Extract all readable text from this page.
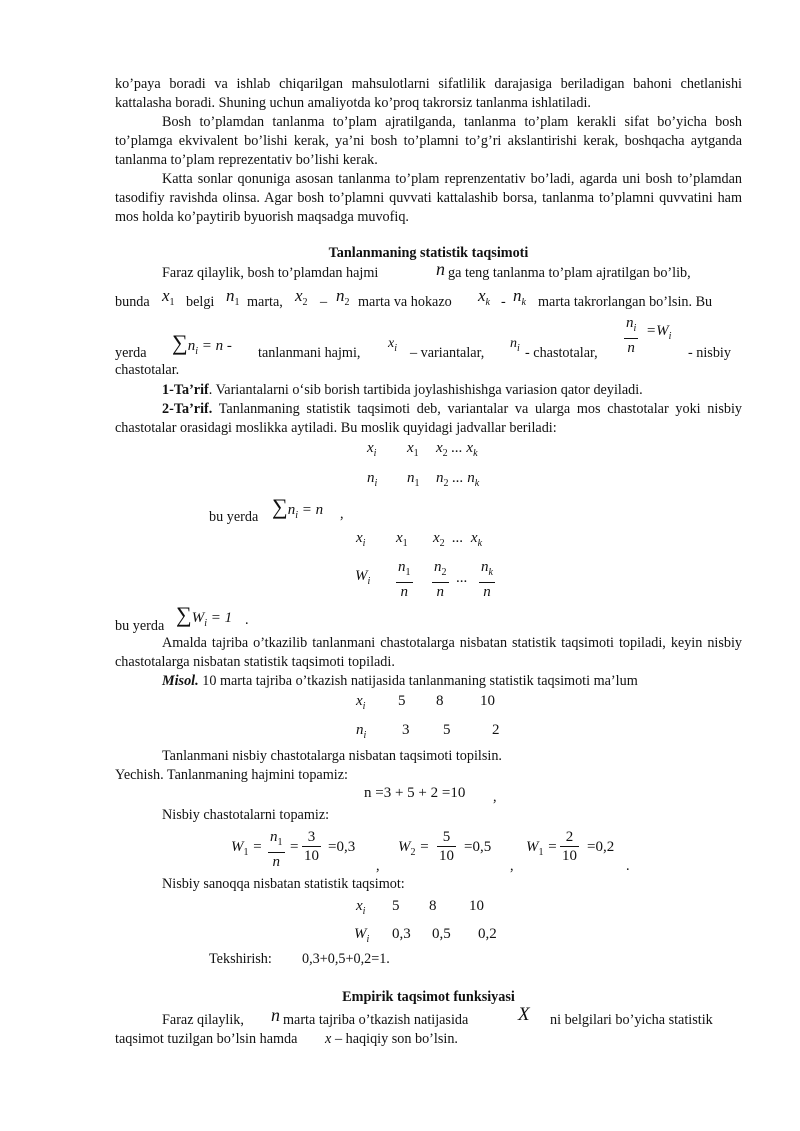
ko’paya boradi va ishlab chiqarilgan mahsulotlarni sifatlilik darajasiga beriladigan bahoni chetlanishi kattalasha boradi. Shuning uchun amaliyotda ko’proq takrorsiz tanlanma ishlatiladi.
Bosh to’plamdan tanlanma to’plam ajratilganda, tanlanma to’plam kerakli sifat bo’yicha bosh to’plamga ekvivalent bo’lishi kerak, ya’ni bosh to’plamni to’g’ri akslantirishi kerak, boshqacha aytganda tanlanma to’plam reprezentativ bo’lishi kerak.
Katta sonlar qonuniga asosan tanlanma to’plam reprenzentativ bo’ladi, agarda uni bosh to’plamdan tasodifiy ravishda olinsa. Agar bosh to’plamni quvvati kattalashib borsa, tanlanma to’plamni quvvatini ham mos holda ko’paytirib byuorish maqsadga muvofiq.
Tanlanmaning statistik taqsimoti
Faraz qilaylik, bosh to’plamdan hajmi	n ga teng tanlanma to’plam ajratilgan bo’lib,
bunda $x_1$ belgi $n_1$ marta, $x_2 - n_2$ marta va hokazo $x_k - n_k$ marta takrorlangan bo’lsin. Bu
yerda $\sum n_i = n$ - tanlanmani hajmi,
$x_i$ – variantalar,
$n_i$ - chastotalar, $\frac{n_i}{n} =W_i$
- nisbiy
chastotalar.
1-Ta’rif. Variantalarni o‘sib borish tartibida joylashishishga variasion qator deyiladi.
2-Ta’rif. Tanlanmaning statistik taqsimoti deb, variantalar va ularga mos chastotalar yoki nisbiy chastotalar orasidagi moslikka aytiladi. Bu moslik quyidagi jadvallar beriladi:
$x_i$ $x_1$ $x_2$ ... $x_k$
$n_i$ $n_1$ $n_2$ ... $n_k$
bu yerda $\sum n_i = n$ ,
$x_i$ $x_1$ $x_2$  ...  $x_k$
$W_i \frac{n_1}{n} \frac{n_2}{n}$ ... $\frac{n_k}{n}$
bu yerda $\sum W_i = 1$ .
Amalda tajriba o’tkazilib tanlanmani chastotalarga nisbatan statistik taqsimoti topiladi, keyin nisbiy chastotalarga nisbatan statistik taqsimoti topiladi.
Misol. 10 marta tajriba o’tkazish natijasida tanlanmaning statistik taqsimoti ma’lum
$x_i$ 5 8 10
$n_i$ 3 5	2
Tanlanmani nisbiy chastotalarga nisbatan taqsimoti topilsin.
Yechish. Tanlanmaning hajmini topamiz:
n =3 + 5 + 2 =10 ,
Nisbiy chastotalarni topamiz:
$W_1 = \frac{n_1}{n} = \frac{3}{10} =0,3$
,
$W_2 = \frac{5}{10} =0,5$
,
$W_1 = \frac{2}{10} =0,2$
.
Nisbiy sanoqqa nisbatan statistik taqsimot:
$x_i$ 5 8 10
$W_i$ 0,3 0,5 0,2
Tekshirish: 0,3+0,5+0,2=1.
Empirik taqsimot funksiyasi
Faraz qilaylik, n marta tajriba o’tkazish natijasida	X ni belgilari bo’yicha statistik
taqsimot tuzilgan bo’lsin hamda x – haqiqiy son bo’lsin.
